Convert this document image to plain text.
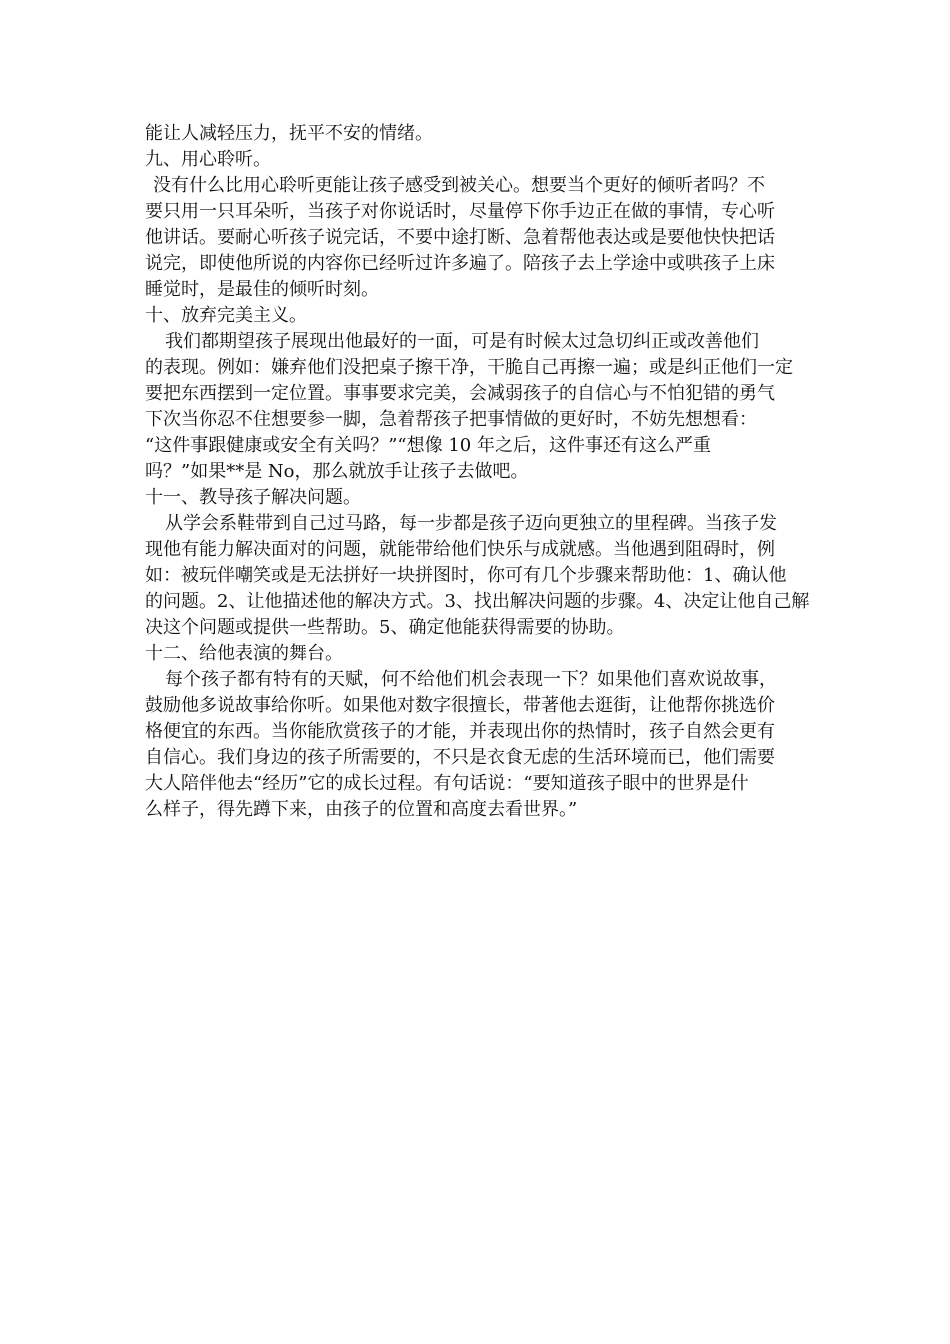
能让人减轻压力，抚平不安的情绪。
九、用心聆听。
没有什么比用心聆听更能让孩子感受到被关心。想要当个更好的倾听者吗？不
要只用一只耳朵听，当孩子对你说话时，尽量停下你手边正在做的事情，专心听
他讲话。要耐心听孩子说完话，不要中途打断、急着帮他表达或是要他快快把话
说完，即使他所说的内容你已经听过许多遍了。陪孩子去上学途中或哄孩子上床
睡觉时，是最佳的倾听时刻。
十、放弃完美主义。
我们都期望孩子展现出他最好的一面，可是有时候太过急切纠正或改善他们
的表现。例如：嫌弃他们没把桌子擦干净，干脆自己再擦一遍；或是纠正他们一定
要把东西摆到一定位置。事事要求完美，会减弱孩子的自信心与不怕犯错的勇气
下次当你忍不住想要参一脚，急着帮孩子把事情做的更好时，不妨先想想看：
“这件事跟健康或安全有关吗？”“想像 10 年之后，这件事还有这么严重
吗？”如果**是 No，那么就放手让孩子去做吧。
十一、教导孩子解决问题。
从学会系鞋带到自己过马路，每一步都是孩子迈向更独立的里程碑。当孩子发
现他有能力解决面对的问题，就能带给他们快乐与成就感。当他遇到阻碍时，例
如：被玩伴嘲笑或是无法拼好一块拼图时，你可有几个步骤来帮助他：1、确认他
的问题。2、让他描述他的解决方式。3、找出解决问题的步骤。4、决定让他自己解
决这个问题或提供一些帮助。5、确定他能获得需要的协助。
十二、给他表演的舞台。
每个孩子都有特有的天赋，何不给他们机会表现一下？如果他们喜欢说故事，
鼓励他多说故事给你听。如果他对数字很擅长，带著他去逛街，让他帮你挑选价
格便宜的东西。当你能欣赏孩子的才能，并表现出你的热情时，孩子自然会更有
自信心。我们身边的孩子所需要的，不只是衣食无虑的生活环境而已，他们需要
大人陪伴他去“经历”它的成长过程。有句话说：“要知道孩子眼中的世界是什
么样子，得先蹲下来，由孩子的位置和高度去看世界。”
